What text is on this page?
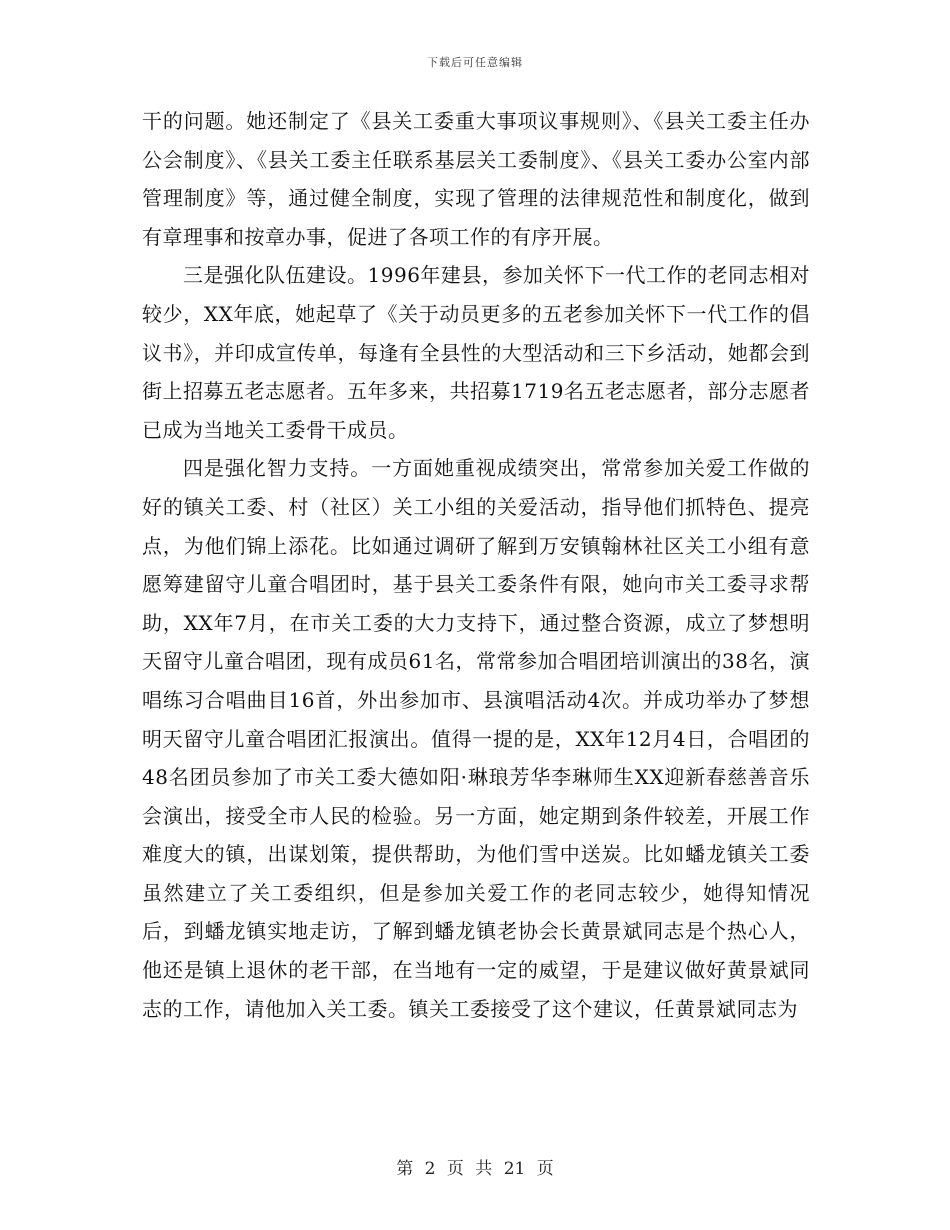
下载后可任意编辑

干的问题。她还制定了《县关工委重大事项议事规则》、《县关工委主任办公会制度》、《县关工委主任联系基层关工委制度》、《县关工委办公室内部管理制度》等，通过健全制度，实现了管理的法律规范性和制度化，做到有章理事和按章办事，促进了各项工作的有序开展。

三是强化队伍建设。1996年建县，参加关怀下一代工作的老同志相对较少，XX年底，她起草了《关于动员更多的五老参加关怀下一代工作的倡议书》，并印成宣传单，每逢有全县性的大型活动和三下乡活动，她都会到街上招募五老志愿者。五年多来，共招募1719名五老志愿者，部分志愿者已成为当地关工委骨干成员。

四是强化智力支持。一方面她重视成绩突出，常常参加关爱工作做的好的镇关工委、村（社区）关工小组的关爱活动，指导他们抓特色、提亮点，为他们锦上添花。比如通过调研了解到万安镇翰林社区关工小组有意愿筹建留守儿童合唱团时，基于县关工委条件有限，她向市关工委寻求帮助，XX年7月，在市关工委的大力支持下，通过整合资源，成立了梦想明天留守儿童合唱团，现有成员61名，常常参加合唱团培训演出的38名，演唱练习合唱曲目16首，外出参加市、县演唱活动4次。并成功举办了梦想明天留守儿童合唱团汇报演出。值得一提的是，XX年12月4日，合唱团的48名团员参加了市关工委大德如阳·琳琅芳华李琳师生XX迎新春慈善音乐会演出，接受全市人民的检验。另一方面，她定期到条件较差，开展工作难度大的镇，出谋划策，提供帮助，为他们雪中送炭。比如蟠龙镇关工委虽然建立了关工委组织，但是参加关爱工作的老同志较少，她得知情况后，到蟠龙镇实地走访，了解到蟠龙镇老协会长黄景斌同志是个热心人，他还是镇上退休的老干部，在当地有一定的威望，于是建议做好黄景斌同志的工作，请他加入关工委。镇关工委接受了这个建议，任黄景斌同志为

第 2 页 共 21 页
